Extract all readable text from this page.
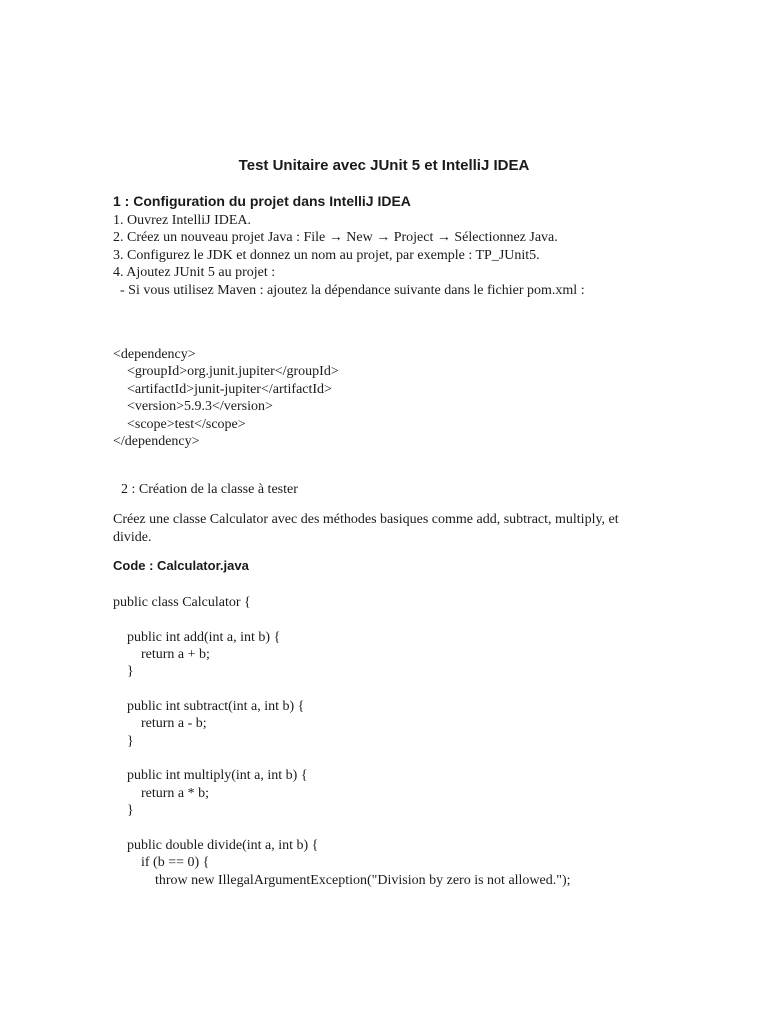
Test Unitaire avec JUnit 5 et IntelliJ IDEA
1 : Configuration du projet dans IntelliJ IDEA
1. Ouvrez IntelliJ IDEA.
2. Créez un nouveau projet Java : File → New → Project → Sélectionnez Java.
3. Configurez le JDK et donnez un nom au projet, par exemple : TP_JUnit5.
4. Ajoutez JUnit 5 au projet :
- Si vous utilisez Maven : ajoutez la dépendance suivante dans le fichier pom.xml :
<dependency>
<groupId>org.junit.jupiter</groupId>
<artifactId>junit-jupiter</artifactId>
<version>5.9.3</version>
<scope>test</scope>
</dependency>
2 : Création de la classe à tester
Créez une classe Calculator avec des méthodes basiques comme add, subtract, multiply, et divide.
Code : Calculator.java
public class Calculator {
public int add(int a, int b) {
return a + b;
}
public int subtract(int a, int b) {
return a - b;
}
public int multiply(int a, int b) {
return a * b;
}
public double divide(int a, int b) {
if (b == 0) {
throw new IllegalArgumentException("Division by zero is not allowed.");
